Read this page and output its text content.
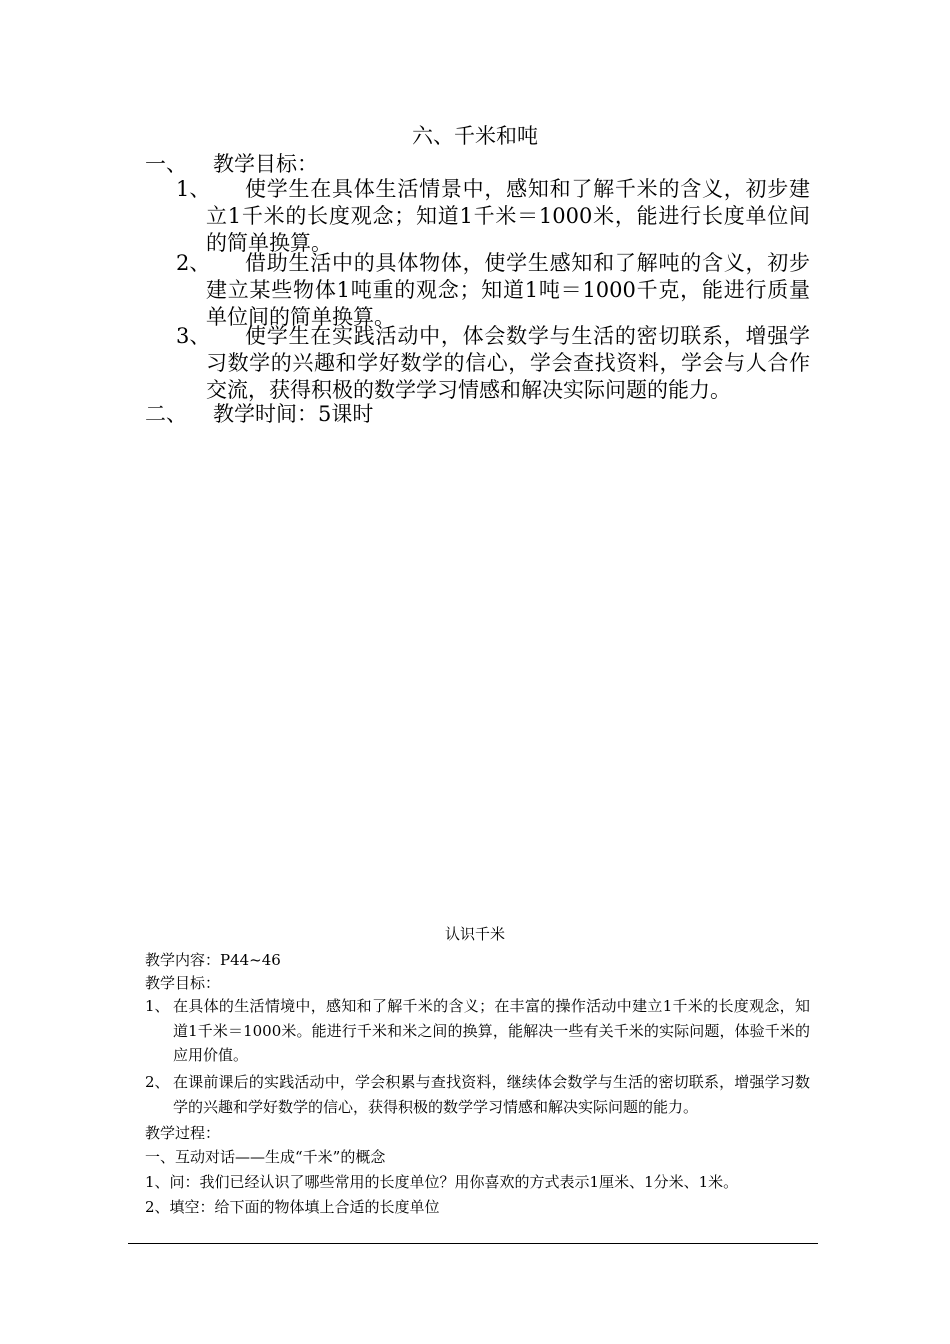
六、千米和吨
一、 教学目标：
1、	使学生在具体生活情景中，感知和了解千米的含义，初步建立1千米的长度观念；知道1千米＝1000米，能进行长度单位间的简单换算。
2、	借助生活中的具体物体，使学生感知和了解吨的含义，初步建立某些物体1吨重的观念；知道1吨＝1000千克，能进行质量单位间的简单换算。
3、	使学生在实践活动中，体会数学与生活的密切联系，增强学习数学的兴趣和学好数学的信心，学会查找资料，学会与人合作交流，获得积极的数学学习情感和解决实际问题的能力。
二、 教学时间：5课时
认识千米
教学内容：P44~46
教学目标：
1、 在具体的生活情境中，感知和了解千米的含义；在丰富的操作活动中建立1千米的长度观念，知道1千米＝1000米。能进行千米和米之间的换算，能解决一些有关千米的实际问题，体验千米的应用价值。
2、 在课前课后的实践活动中，学会积累与查找资料，继续体会数学与生活的密切联系，增强学习数学的兴趣和学好数学的信心，获得积极的数学学习情感和解决实际问题的能力。
教学过程：
一、互动对话——生成“千米”的概念
1、问：我们已经认识了哪些常用的长度单位？用你喜欢的方式表示1厘米、1分米、1米。
2、填空：给下面的物体填上合适的长度单位
